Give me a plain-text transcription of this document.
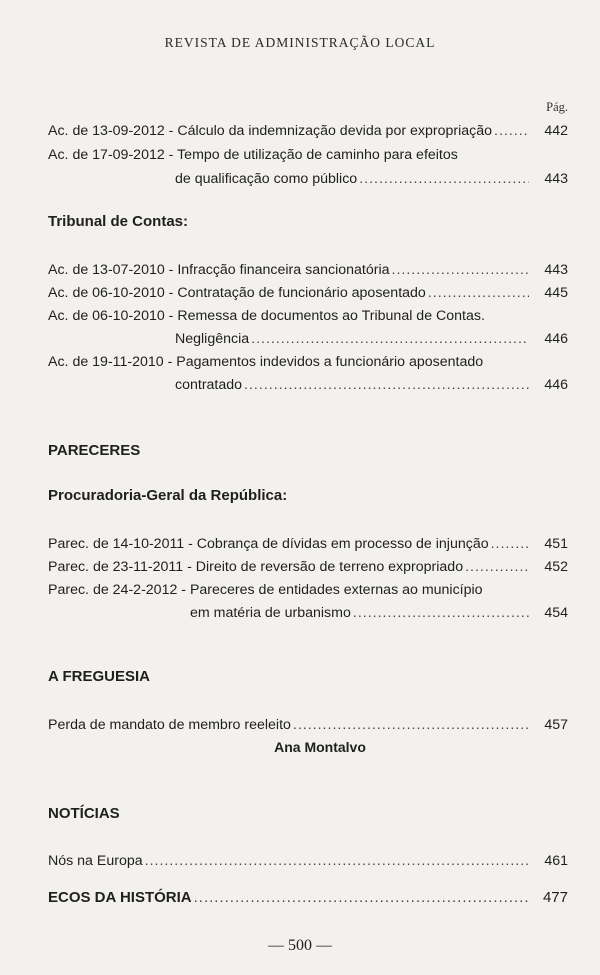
REVISTA DE ADMINISTRAÇÃO LOCAL
Pág.
Ac. de 13-09-2012 - Cálculo da indemnização devida por expropriação .....	442
Ac. de 17-09-2012 - Tempo de utilização de caminho para efeitos
de qualificação como público .....	443
Tribunal de Contas:
Ac. de 13-07-2010 - Infracção financeira sancionatória .....	443
Ac. de 06-10-2010 - Contratação de funcionário aposentado .....	445
Ac. de 06-10-2010 - Remessa de documentos ao Tribunal de Contas.
Negligência .....	446
Ac. de 19-11-2010 - Pagamentos indevidos a funcionário aposentado
contratado .....	446
PARECERES
Procuradoria-Geral da República:
Parec. de 14-10-2011 - Cobrança de dívidas em processo de injunção .....	451
Parec. de 23-11-2011 - Direito de reversão de terreno expropriado .....	452
Parec. de 24-2-2012 - Pareceres de entidades externas ao município
em matéria de urbanismo .....	454
A FREGUESIA
Perda de mandato de membro reeleito .....	457
Ana Montalvo
NOTÍCIAS
Nós na Europa .....	461
ECOS DA HISTÓRIA .....	477
— 500 —
